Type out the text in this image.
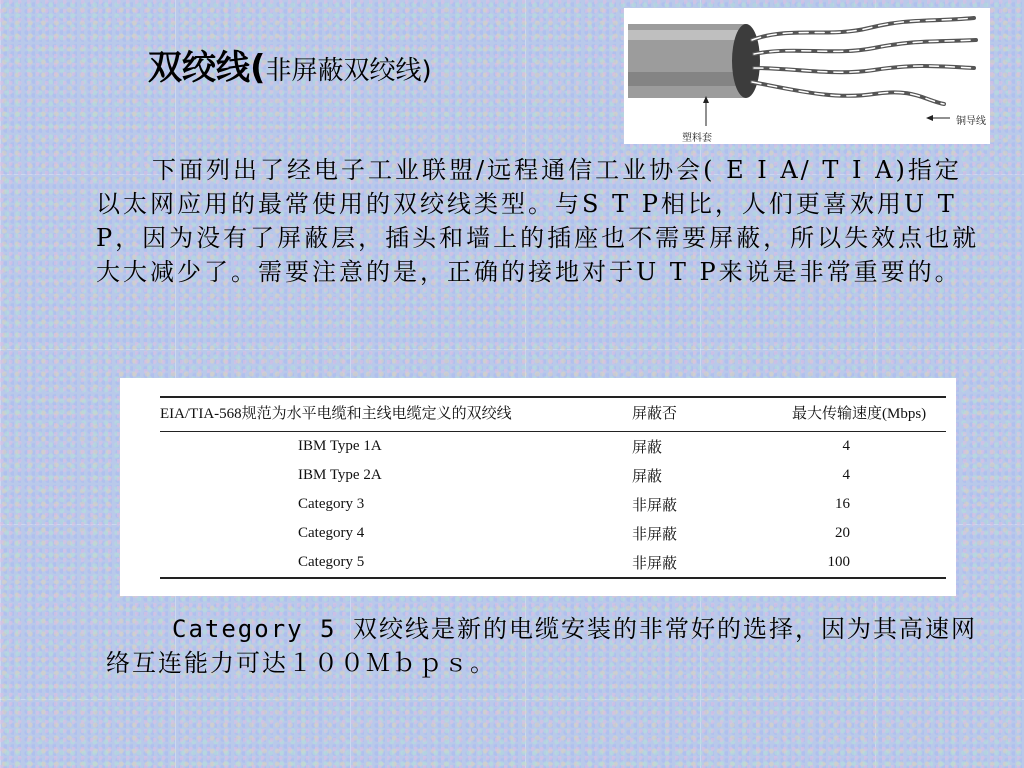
双绞线(非屏蔽双绞线)
塑料套
铜导线

下面列出了经电子工业联盟/远程通信工业协会( E I A/ T I A)指定以太网应用的最常使用的双绞线类型。与S T P相比，人们更喜欢用U T P，因为没有了屏蔽层，插头和墙上的插座也不需要屏蔽，所以失效点也就大大减少了。需要注意的是，正确的接地对于U T P来说是非常重要的。

EIA/TIA-568规范为水平电缆和主线电缆定义的双绞线	屏蔽否	最大传输速度(Mbps)
IBM Type 1A	屏蔽	4
IBM Type 2A	屏蔽	4
Category 3	非屏蔽	16
Category 4	非屏蔽	20
Category 5	非屏蔽	100

Category 5 双绞线是新的电缆安装的非常好的选择，因为其高速网络互连能力可达１００Ｍｂｐｓ。
